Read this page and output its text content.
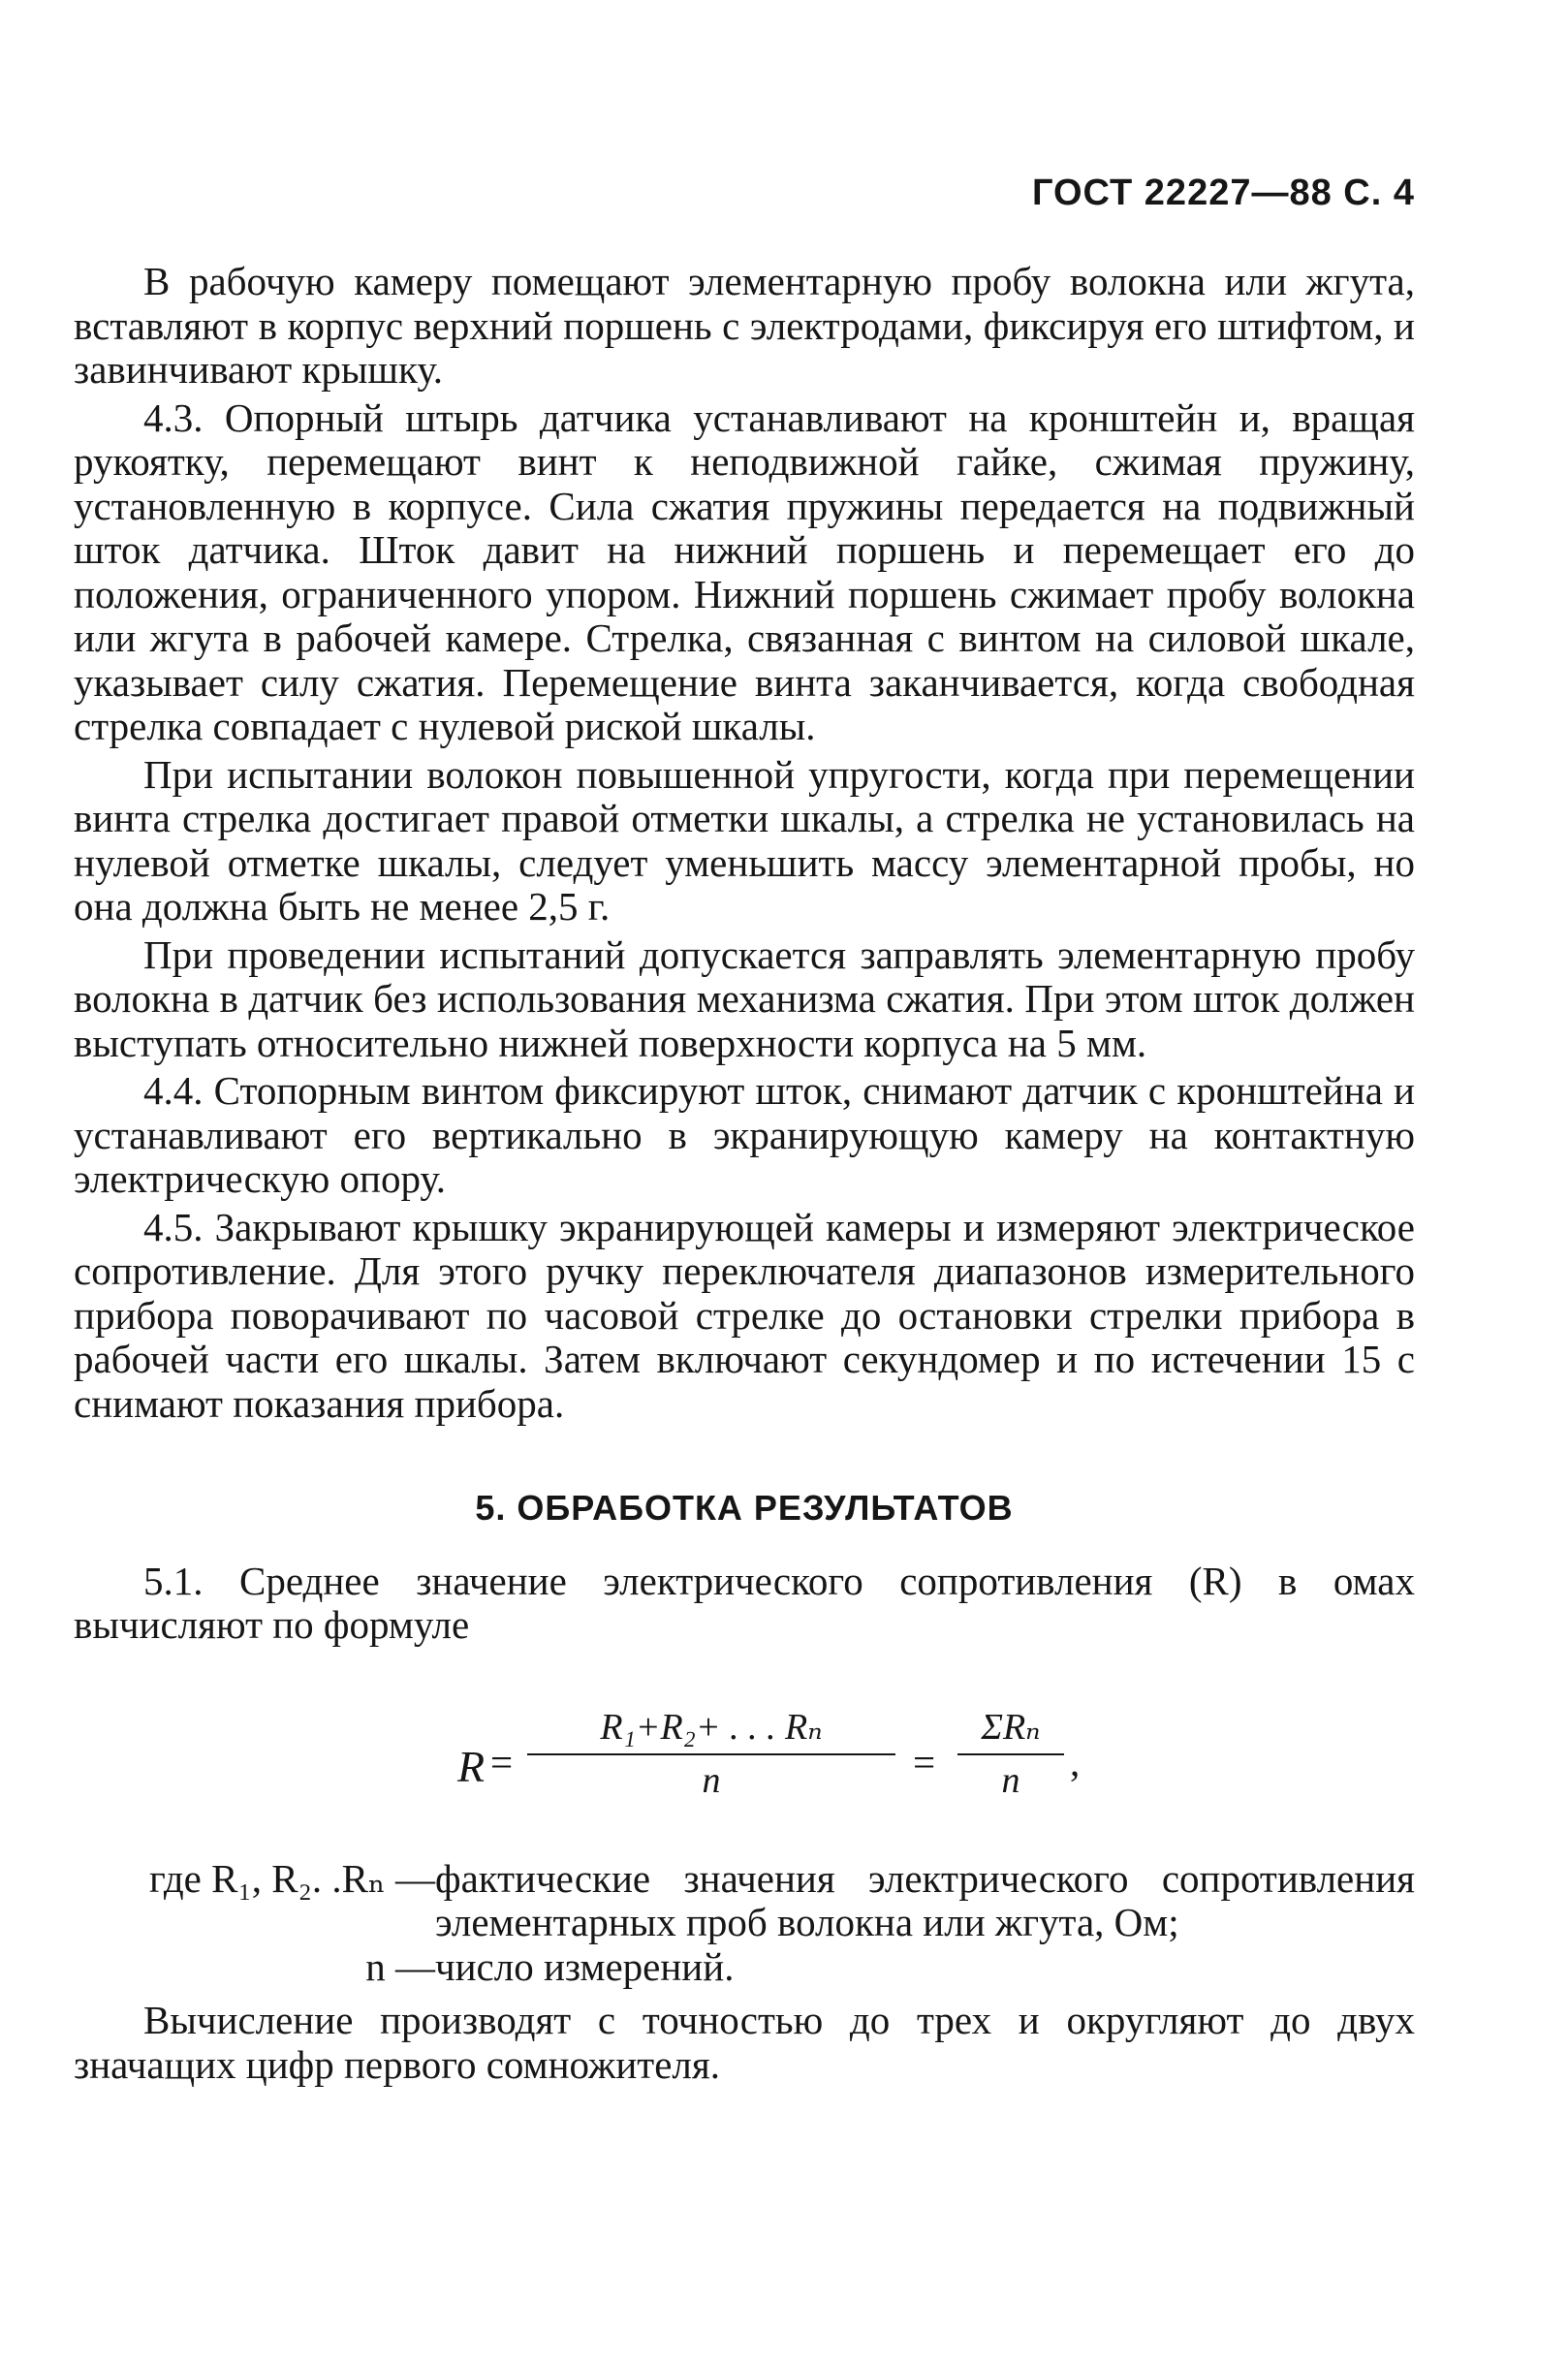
ГОСТ 22227—88 С. 4

В рабочую камеру помещают элементарную пробу волокна или жгута, вставляют в корпус верхний поршень с электродами, фиксируя его штифтом, и завинчивают крышку.

4.3. Опорный штырь датчика устанавливают на кронштейн и, вращая рукоятку, перемещают винт к неподвижной гайке, сжимая пружину, установленную в корпусе. Сила сжатия пружины передается на подвижный шток датчика. Шток давит на нижний поршень и перемещает его до положения, ограниченного упором. Нижний поршень сжимает пробу волокна или жгута в рабочей камере. Стрелка, связанная с винтом на силовой шкале, указывает силу сжатия. Перемещение винта заканчивается, когда свободная стрелка совпадает с нулевой риской шкалы.

При испытании волокон повышенной упругости, когда при перемещении винта стрелка достигает правой отметки шкалы, а стрелка не установилась на нулевой отметке шкалы, следует уменьшить массу элементарной пробы, но она должна быть не менее 2,5 г.

При проведении испытаний допускается заправлять элементарную пробу волокна в датчик без использования механизма сжатия. При этом шток должен выступать относительно нижней поверхности корпуса на 5 мм.

4.4. Стопорным винтом фиксируют шток, снимают датчик с кронштейна и устанавливают его вертикально в экранирующую камеру на контактную электрическую опору.

4.5. Закрывают крышку экранирующей камеры и измеряют электрическое сопротивление. Для этого ручку переключателя диапазонов измерительного прибора поворачивают по часовой стрелке до остановки стрелки прибора в рабочей части его шкалы. Затем включают секундомер и по истечении 15 с снимают показания прибора.

5. ОБРАБОТКА РЕЗУЛЬТАТОВ

5.1. Среднее значение электрического сопротивления (R) в омах вычисляют по формуле

$R = \frac{\text{R₁+R₂+ . . . Rₙ}}{n}$ =
ΣRₙ
n	,
где R₁, R₂. .Rₙ — фактические значения электрического сопротивления элементарных проб волокна или жгута, Ом;
n — число измерений.

Вычисление производят с точностью до трех и округляют до двух значащих цифр первого сомножителя.
